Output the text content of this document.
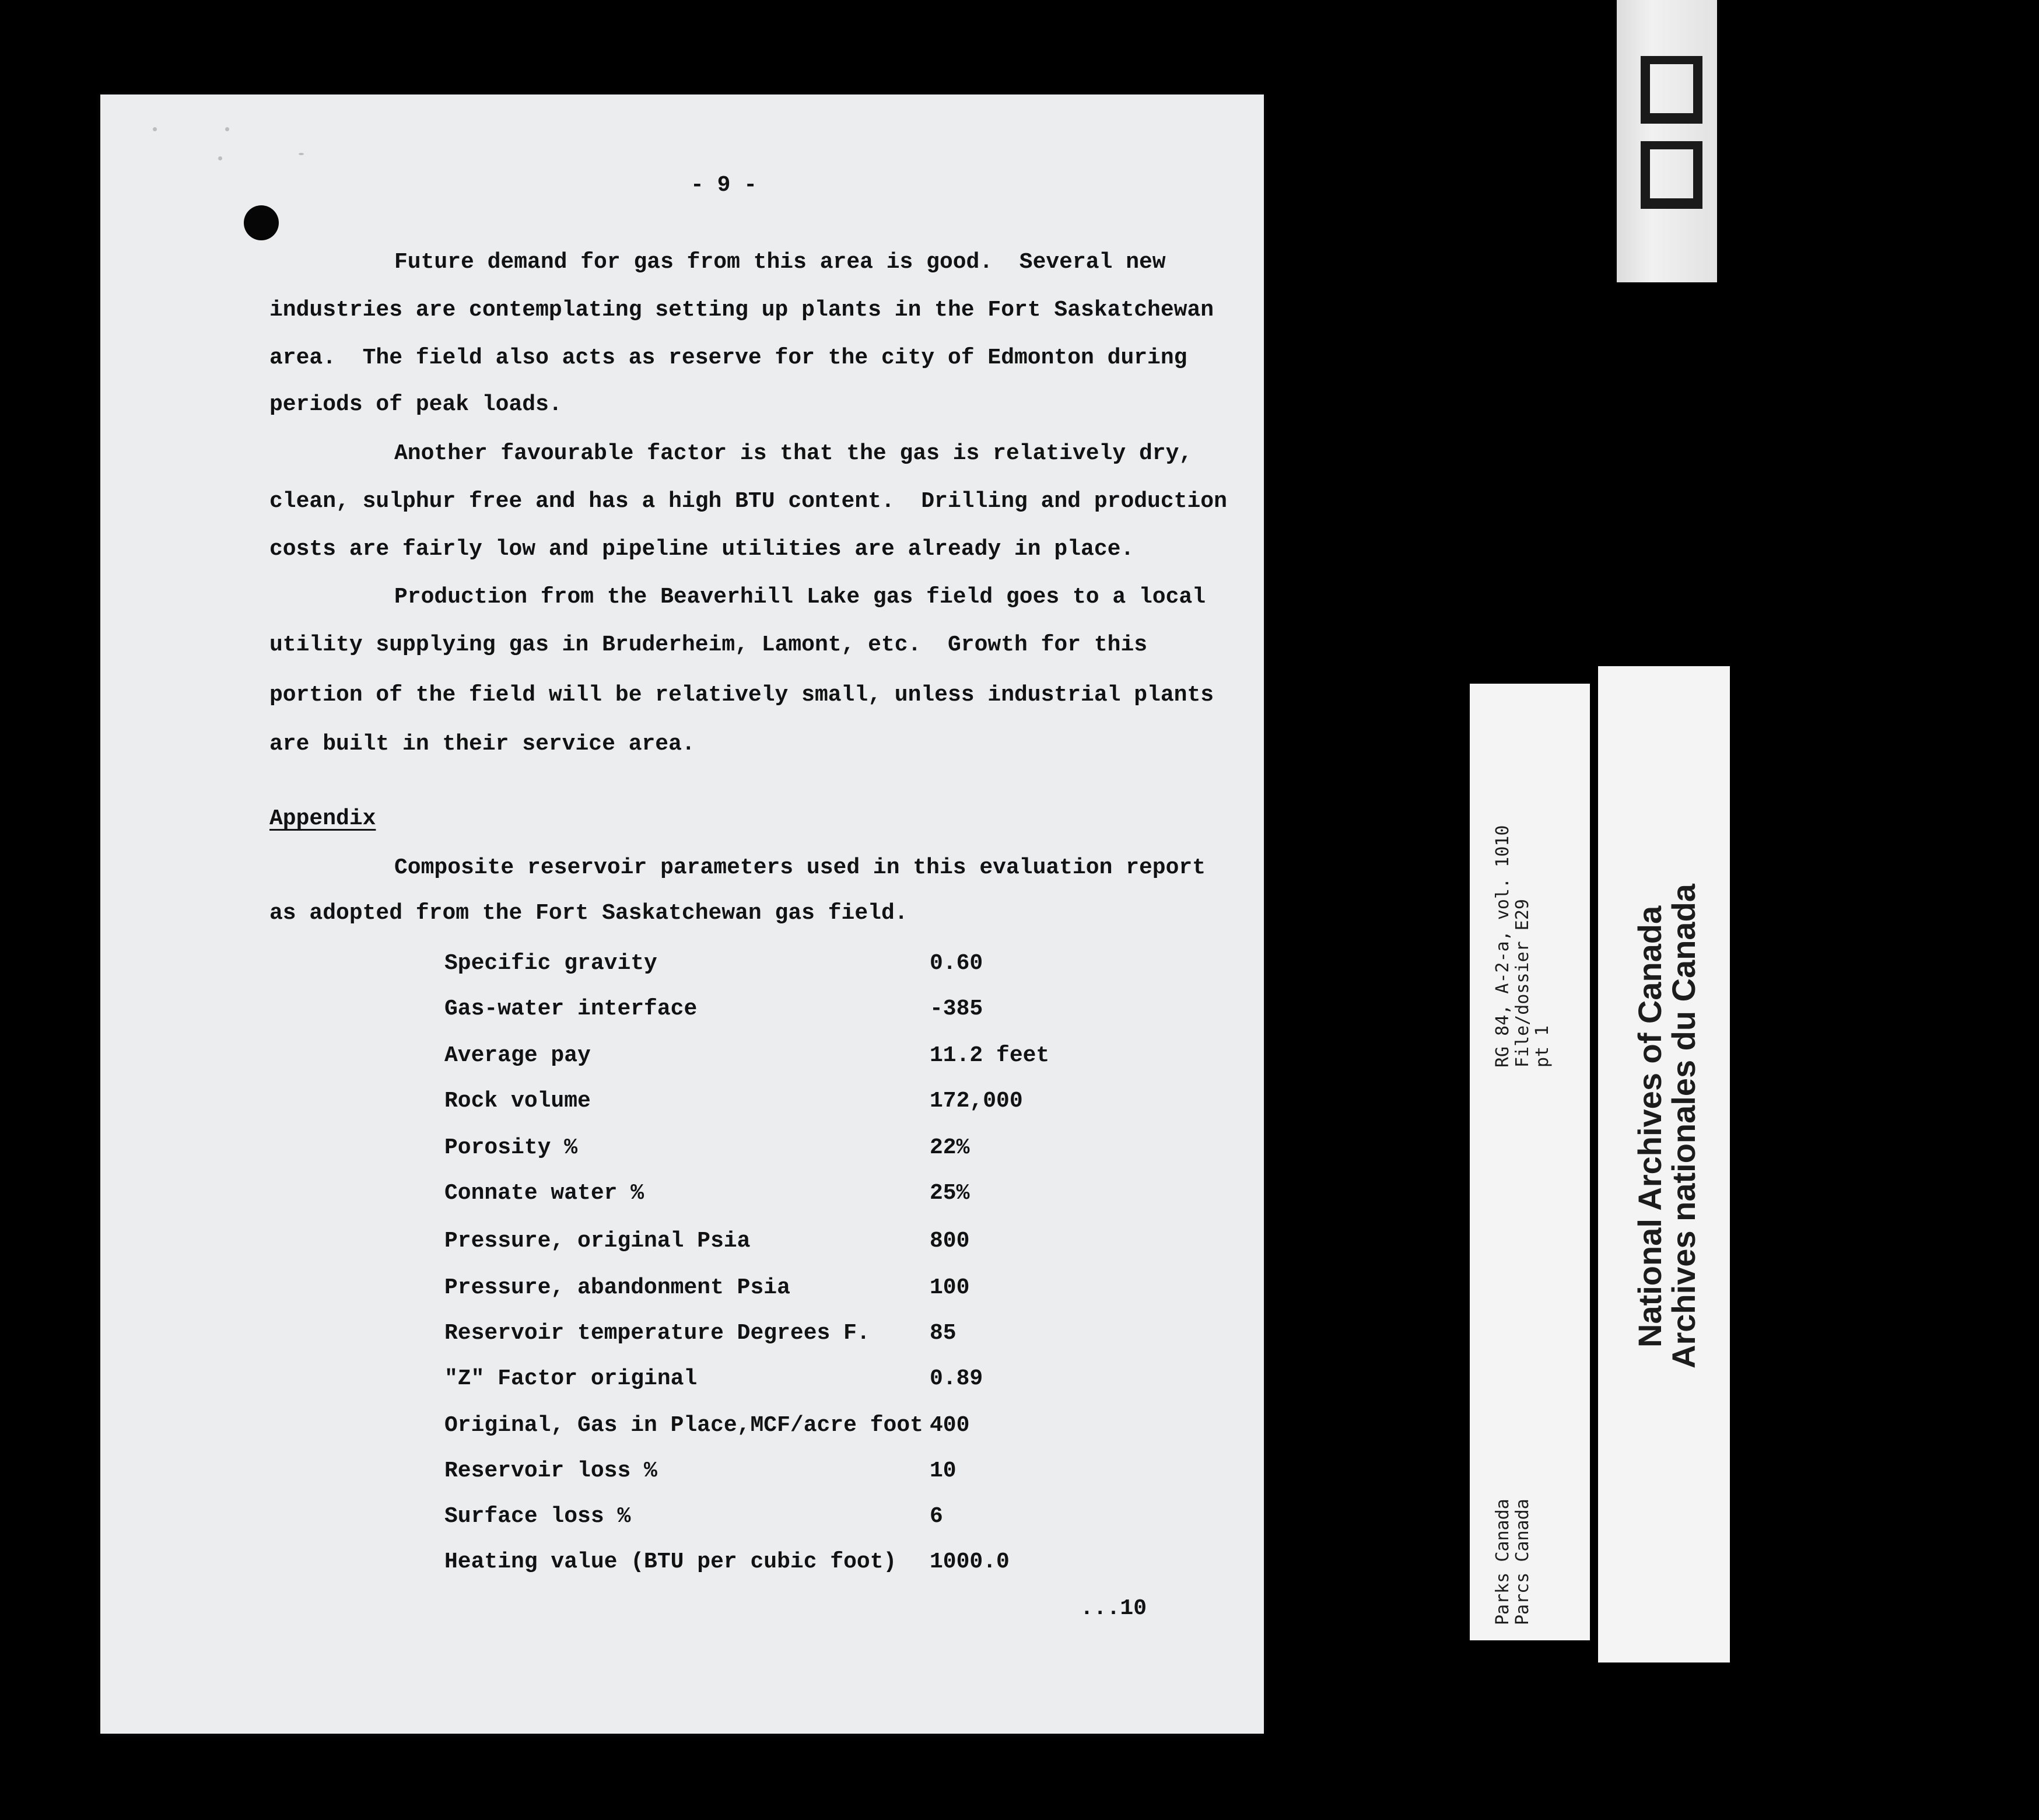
- 9 -
Future demand for gas from this area is good.  Several new
industries are contemplating setting up plants in the Fort Saskatchewan
area.  The field also acts as reserve for the city of Edmonton during
periods of peak loads.
Another favourable factor is that the gas is relatively dry,
clean, sulphur free and has a high BTU content.  Drilling and production
costs are fairly low and pipeline utilities are already in place.
Production from the Beaverhill Lake gas field goes to a local
utility supplying gas in Bruderheim, Lamont, etc.  Growth for this
portion of the field will be relatively small, unless industrial plants
are built in their service area.
Appendix
Composite reservoir parameters used in this evaluation report
as adopted from the Fort Saskatchewan gas field.
Specific gravity	0.60
Gas-water interface	-385
Average pay	11.2 feet
Rock volume	172,000
Porosity %	22%
Connate water %	25%
Pressure, original Psia	800
Pressure, abandonment Psia	100
Reservoir temperature Degrees F.	85
"Z" Factor original	0.89
Original, Gas in Place,MCF/acre foot 400
Reservoir loss %	10
Surface loss %	6
Heating value (BTU per cubic foot) 1000.0
...10
RG 84, A-2-a, vol. 1010 File/dossier E29 pt 1
Parks Canada Parcs Canada
National Archives of Canada
Archives nationales du Canada
